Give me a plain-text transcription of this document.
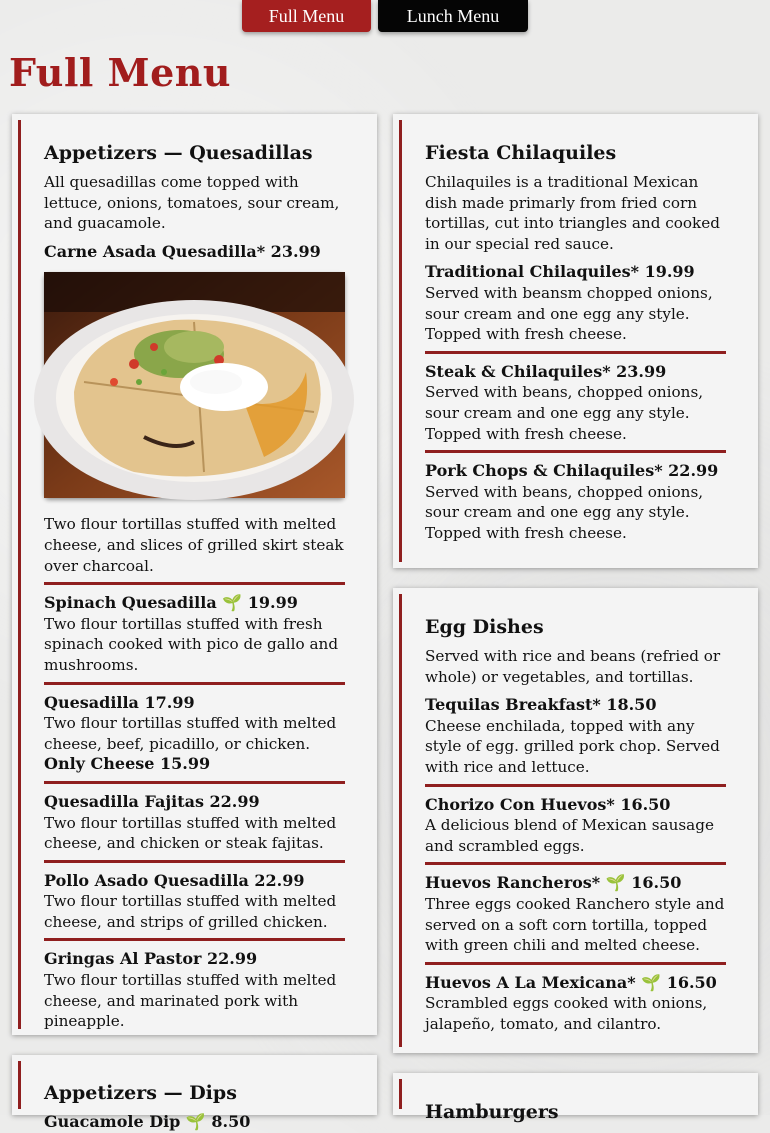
Full Menu	Lunch Menu
Full Menu
Appetizers — Quesadillas

All quesadillas come topped with lettuce, onions, tomatoes, sour cream, and guacamole.

Carne Asada Quesadilla* 23.99

Two flour tortillas stuffed with melted cheese, and slices of grilled skirt steak over charcoal.

Spinach Quesadilla 🌱 19.99

Two flour tortillas stuffed with fresh spinach cooked with pico de gallo and mushrooms.

Quesadilla 17.99

Two flour tortillas stuffed with melted cheese, beef, picadillo, or chicken.

Only Cheese 15.99

Quesadilla Fajitas 22.99

Two flour tortillas stuffed with melted cheese, and chicken or steak fajitas.

Pollo Asado Quesadilla 22.99

Two flour tortillas stuffed with melted cheese, and strips of grilled chicken.

Gringas Al Pastor 22.99

Two flour tortillas stuffed with melted cheese, and marinated pork with pineapple.

Fiesta Chilaquiles

Chilaquiles is a traditional Mexican dish made primarly from fried corn tortillas, cut into triangles and cooked in our special red sauce.

Traditional Chilaquiles* 19.99

Served with beansm chopped onions, sour cream and one egg any style. Topped with fresh cheese.

Steak & Chilaquiles* 23.99

Served with beans, chopped onions, sour cream and one egg any style. Topped with fresh cheese.

Pork Chops & Chilaquiles* 22.99

Served with beans, chopped onions, sour cream and one egg any style. Topped with fresh cheese.

Egg Dishes

Served with rice and beans (refried or whole) or vegetables, and tortillas.

Tequilas Breakfast* 18.50

Cheese enchilada, topped with any style of egg. grilled pork chop. Served with rice and lettuce.

Chorizo Con Huevos* 16.50

A delicious blend of Mexican sausage and scrambled eggs.

Huevos Rancheros* 🌱 16.50

Three eggs cooked Ranchero style and served on a soft corn tortilla, topped with green chili and melted cheese.

Huevos A La Mexicana* 🌱 16.50

Scrambled eggs cooked with onions, jalapeño, tomato, and cilantro.

Appetizers — Dips

Guacamole Dip 🌱 8.50	Hamburgers
